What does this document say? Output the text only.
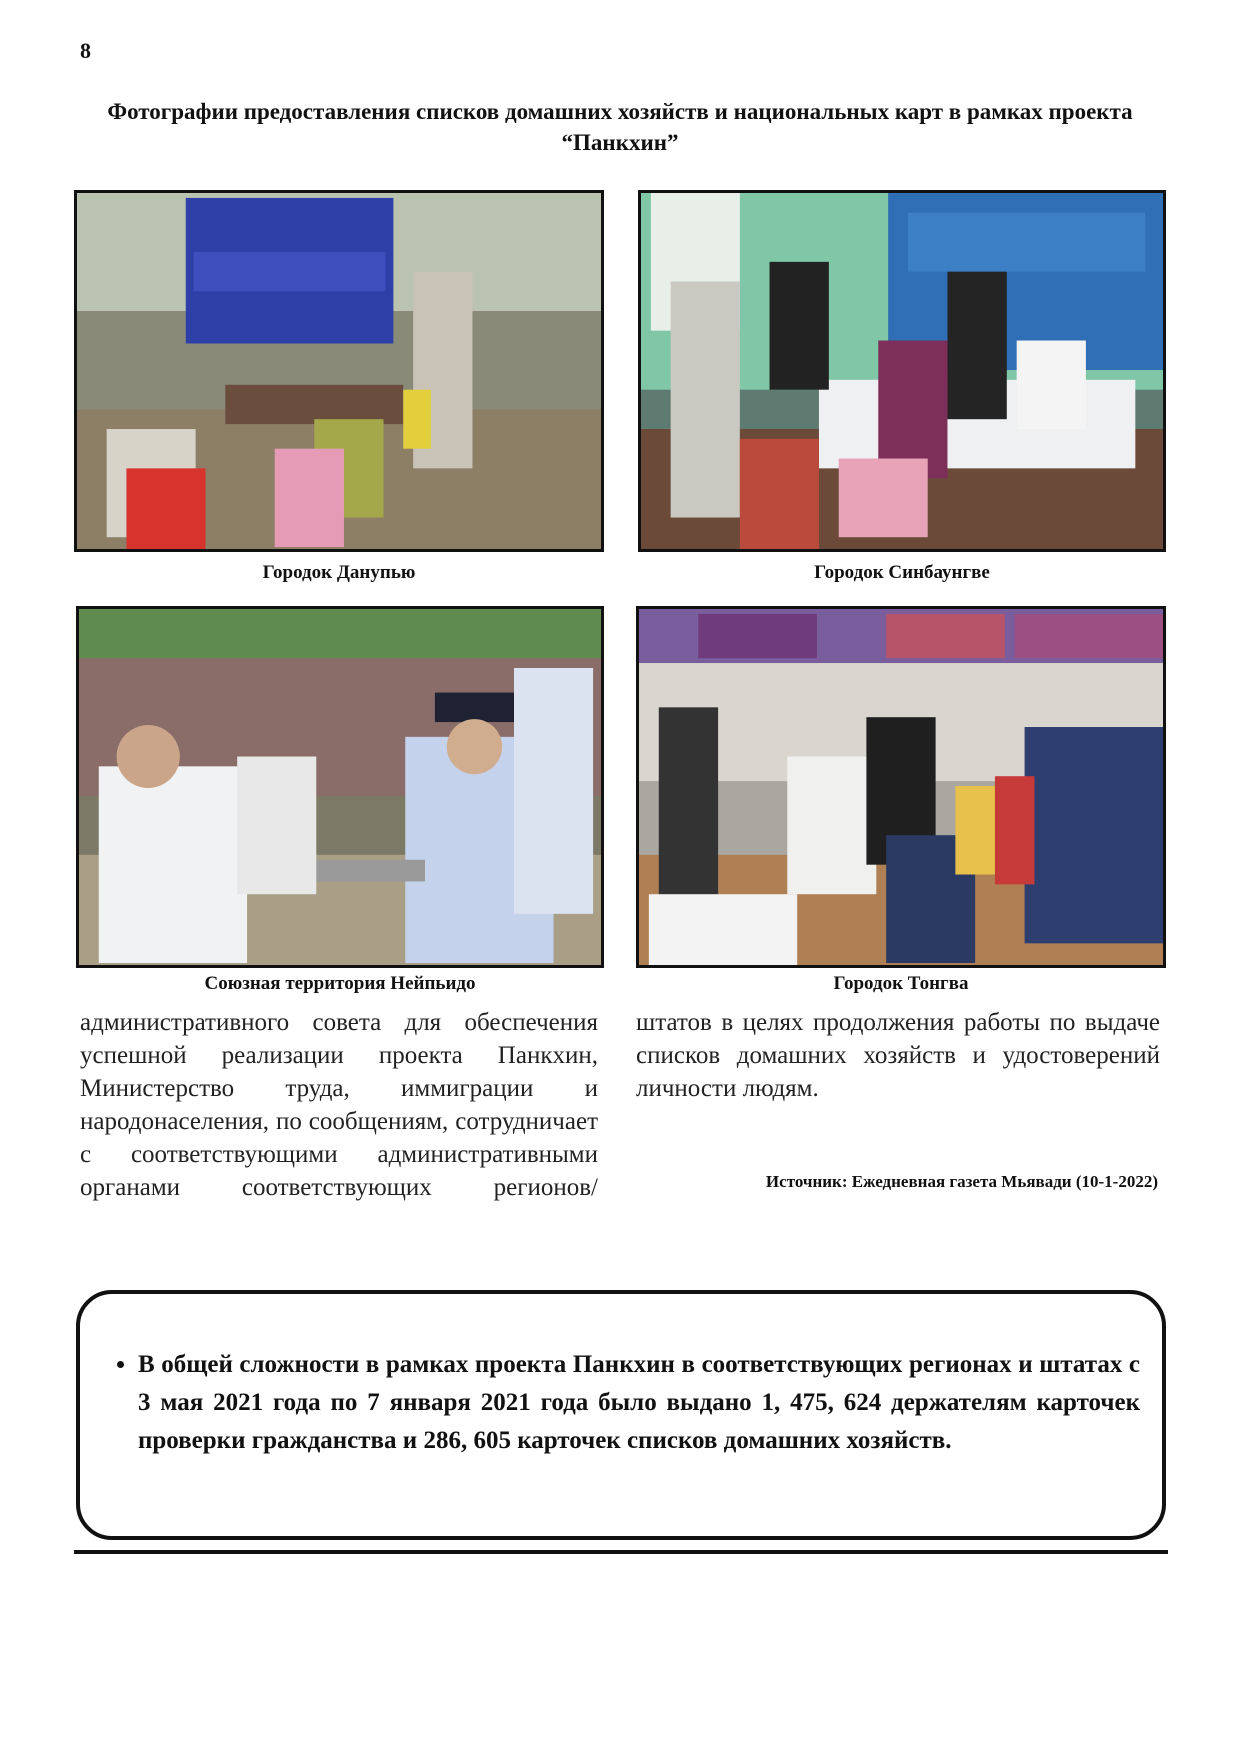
8
Фотографии предоставления списков домашних хозяйств и национальных карт в рамках проекта “Панкхин”
Городок Данупью	Городок Синбаунгве
Союзная территория Нейпьидо	Городок Тонгва
административного совета для обеспечения успешной реализации проекта Панкхин, Министерство труда, иммиграции и народонаселения, по сообщениям, сотрудничает с соответствующими административными органами соответствующих регионов/
штатов в целях продолжения работы по выдаче списков домашних хозяйств и удостоверений личности людям.
Источник: Ежедневная газета Мьявади (10-1-2022)
• В общей сложности в рамках проекта Панкхин в соответствующих регионах и штатах с 3 мая 2021 года по 7 января 2021 года было выдано 1, 475, 624 держателям карточек проверки гражданства и 286, 605 карточек списков домашних хозяйств.
